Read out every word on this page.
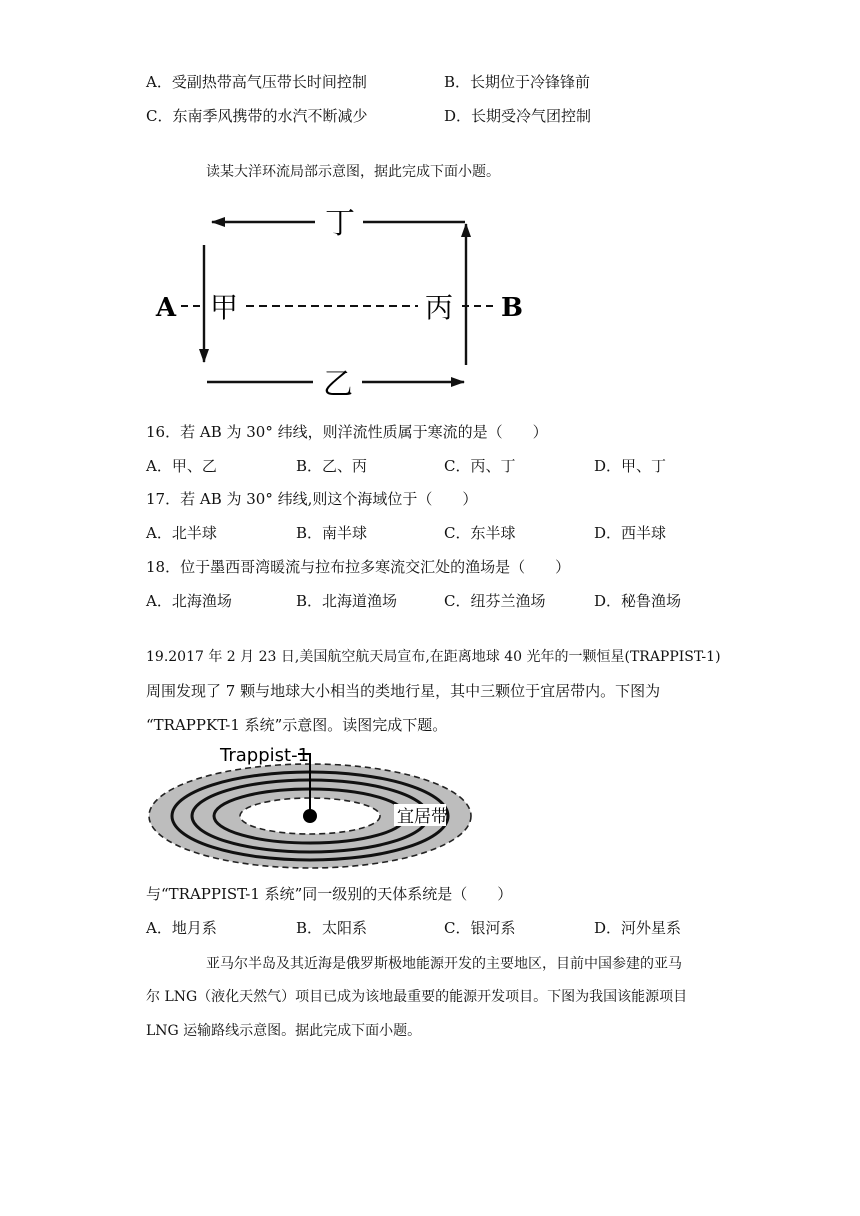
A．受副热带高气压带长时间控制	B．长期位于冷锋锋前
C．东南季风携带的水汽不断减少	D．长期受冷气团控制
读某大洋环流局部示意图，据此完成下面小题。
丁
乙
A 甲	丙 B
16．若 AB 为 30° 纬线，则洋流性质属于寒流的是（　　）
A．甲、乙	B．乙、丙	C．丙、丁	D．甲、丁
17．若 AB 为 30° 纬线,则这个海域位于（　　）
A．北半球	B．南半球	C．东半球	D．西半球
18．位于墨西哥湾暖流与拉布拉多寒流交汇处的渔场是（　　）
A．北海渔场	B．北海道渔场	C．纽芬兰渔场	D．秘鲁渔场
19.2017 年 2 月 23 日,美国航空航天局宣布,在距离地球 40 光年的一颗恒星(TRAPPIST-1)
周围发现了 7 颗与地球大小相当的类地行星，其中三颗位于宜居带内。下图为
“TRAPPKT-1 系统”示意图。读图完成下题。
Trappist-1
宜居带
与“TRAPPIST-1 系统”同一级别的天体系统是（　　）
A．地月系	B．太阳系	C．银河系	D．河外星系
亚马尔半岛及其近海是俄罗斯极地能源开发的主要地区，目前中国参建的亚马
尔 LNG（液化天然气）项目已成为该地最重要的能源开发项目。下图为我国该能源项目
LNG 运输路线示意图。据此完成下面小题。
